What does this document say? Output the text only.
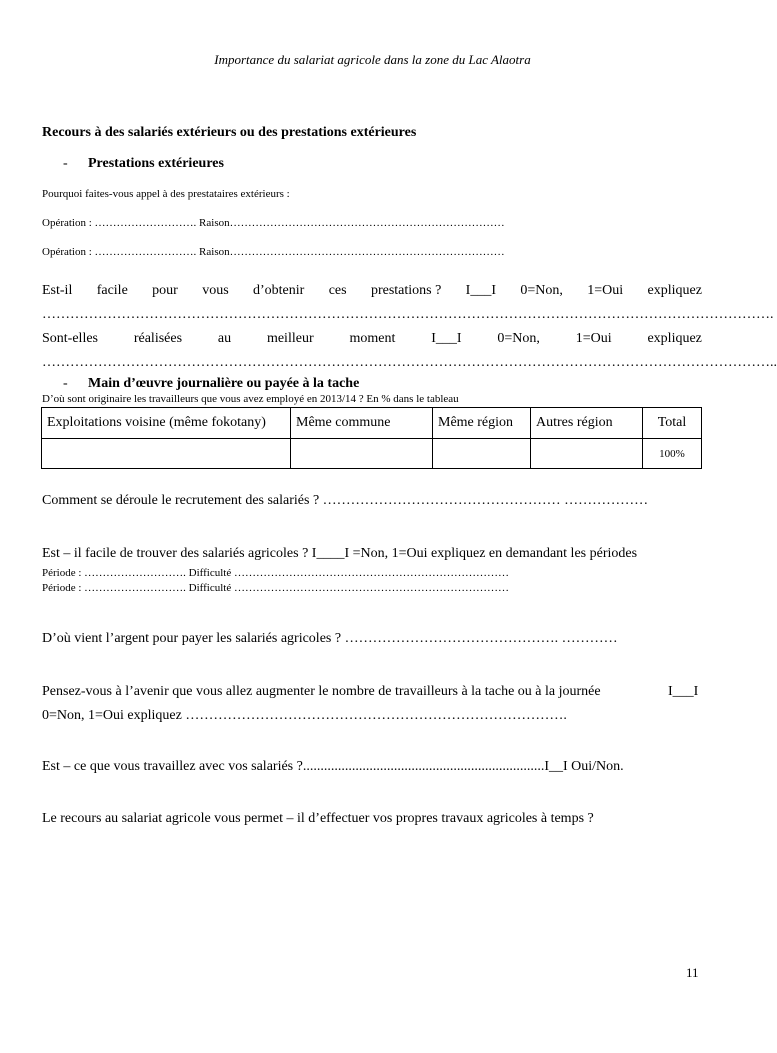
Importance du salariat agricole dans la zone du Lac Alaotra
Recours à des salariés extérieurs ou des prestations extérieures
- Prestations extérieures
Pourquoi faites-vous appel à des prestataires extérieurs :
Opération : ………………………. Raison…………………………………………………………………
Opération : ………………………. Raison…………………………………………………………………
Est-il facile pour vous d’obtenir ces prestations ? I___I 0=Non, 1=Oui expliquez
………………………………………………………………………………………………………………………………………….
Sont-elles	réalisées	au	meilleur	moment	I___I	0=Non,	1=Oui	expliquez
…………………………………………………………………………………………………………………………………………..
- Main d’œuvre journalière ou payée à la tache
D’où sont originaire les travailleurs que vous avez employé en 2013/14 ? En % dans le tableau
Exploitations voisine (même fokotany)	Même commune	Même région	Autres région	Total
				100%
Comment se déroule le recrutement des salariés ? …………………………………………… ………………
Est – il facile de trouver des salariés agricoles ? I____I =Non, 1=Oui expliquez en demandant les périodes
Période : ………………………. Difficulté …………………………………………………………………
Période : ………………………. Difficulté …………………………………………………………………
D’où vient l’argent pour payer les salariés agricoles ? ………………………………………. …………
Pensez-vous à l’avenir que vous allez augmenter le nombre de travailleurs à la tache ou à la journée	I___I
0=Non, 1=Oui expliquez ……………………………………………………………………….
Est – ce que vous travaillez avec vos salariés ?.....................................................................I__I Oui/Non.
Le recours au salariat agricole vous permet – il d’effectuer vos propres travaux agricoles à temps ?
11
